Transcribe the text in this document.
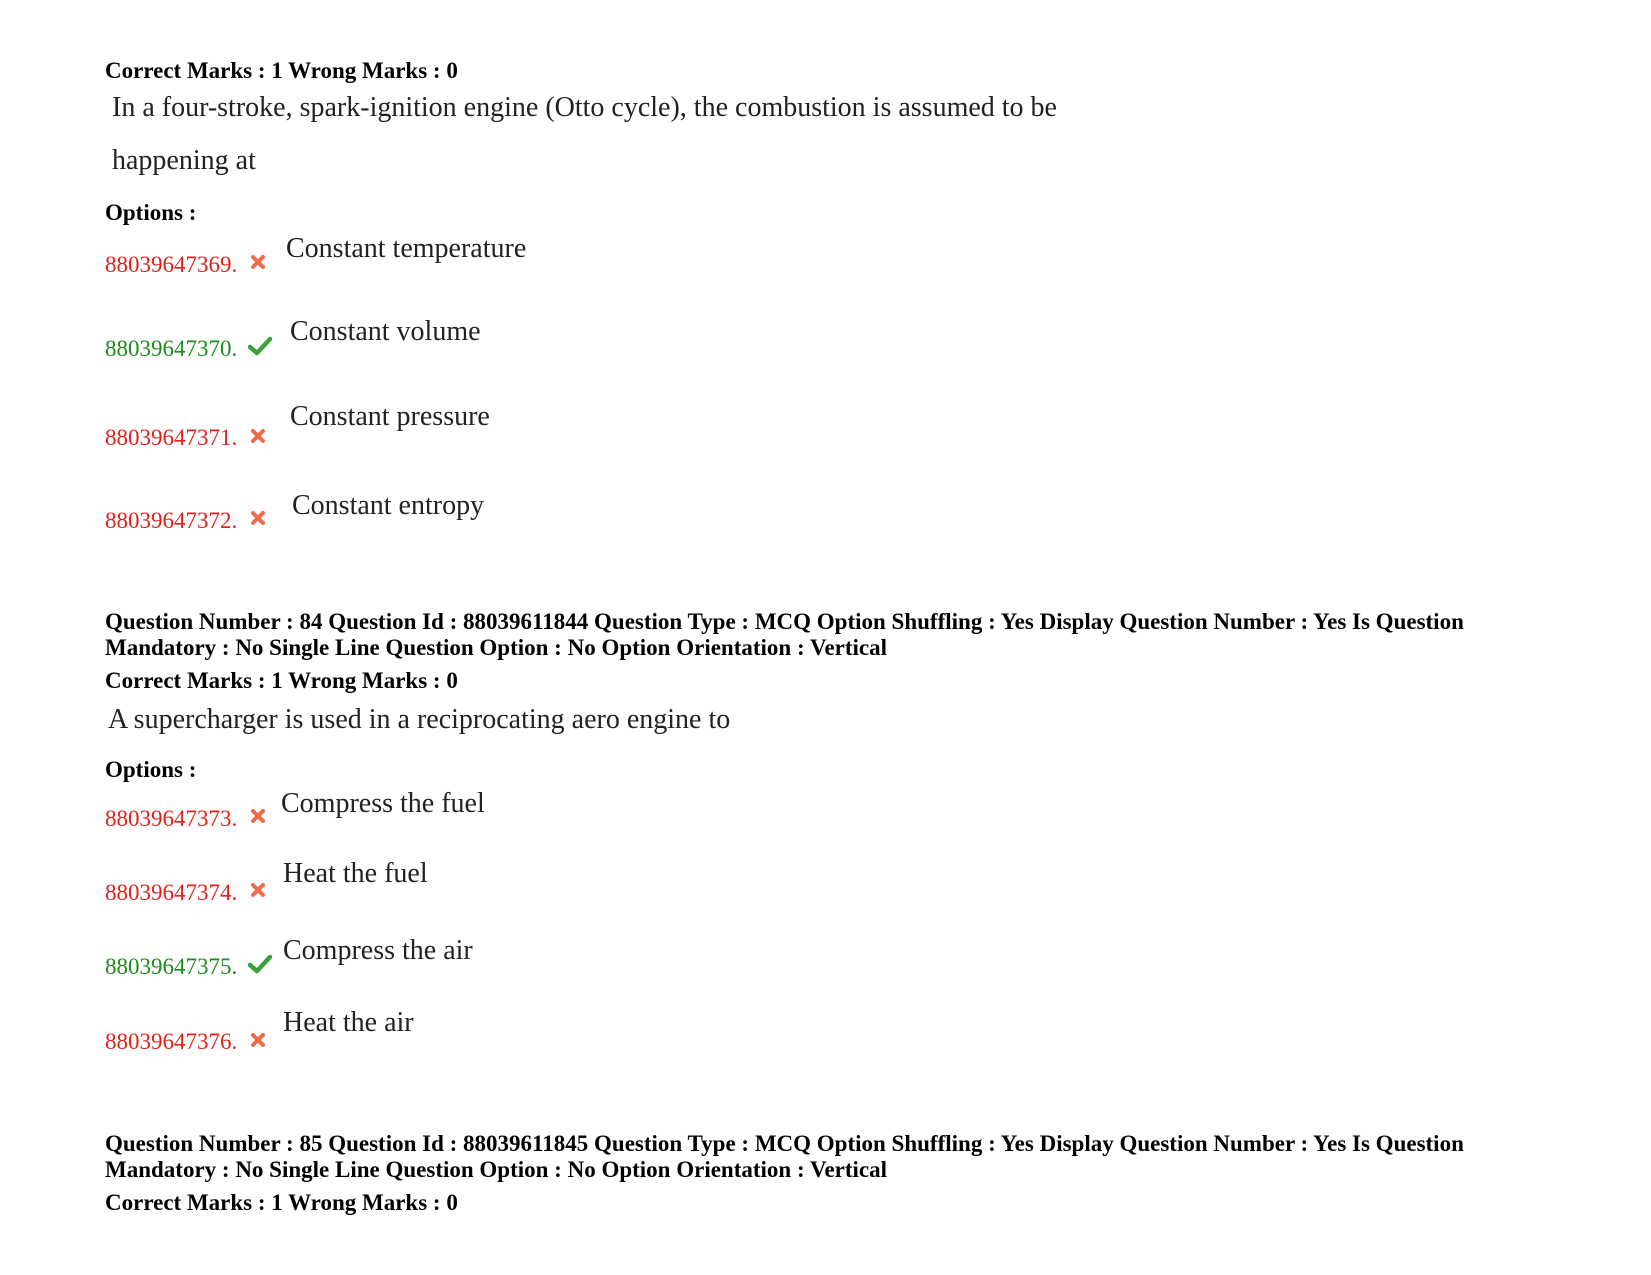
Correct Marks : 1 Wrong Marks : 0
In a four-stroke, spark-ignition engine (Otto cycle), the combustion is assumed to be
happening at
Options :
88039647369.
Constant temperature
88039647370.
Constant volume
88039647371.
Constant pressure
88039647372. Constant entropy
Question Number : 84 Question Id : 88039611844 Question Type : MCQ Option Shuffling : Yes Display Question Number : Yes Is Question Mandatory : No Single Line Question Option : No Option Orientation : Vertical
Correct Marks : 1 Wrong Marks : 0
A supercharger is used in a reciprocating aero engine to
Options :
88039647373. Compress the fuel
88039647374.
Heat the fuel
88039647375.
Compress the air
88039647376.
Heat the air
Question Number : 85 Question Id : 88039611845 Question Type : MCQ Option Shuffling : Yes Display Question Number : Yes Is Question Mandatory : No Single Line Question Option : No Option Orientation : Vertical
Correct Marks : 1 Wrong Marks : 0
